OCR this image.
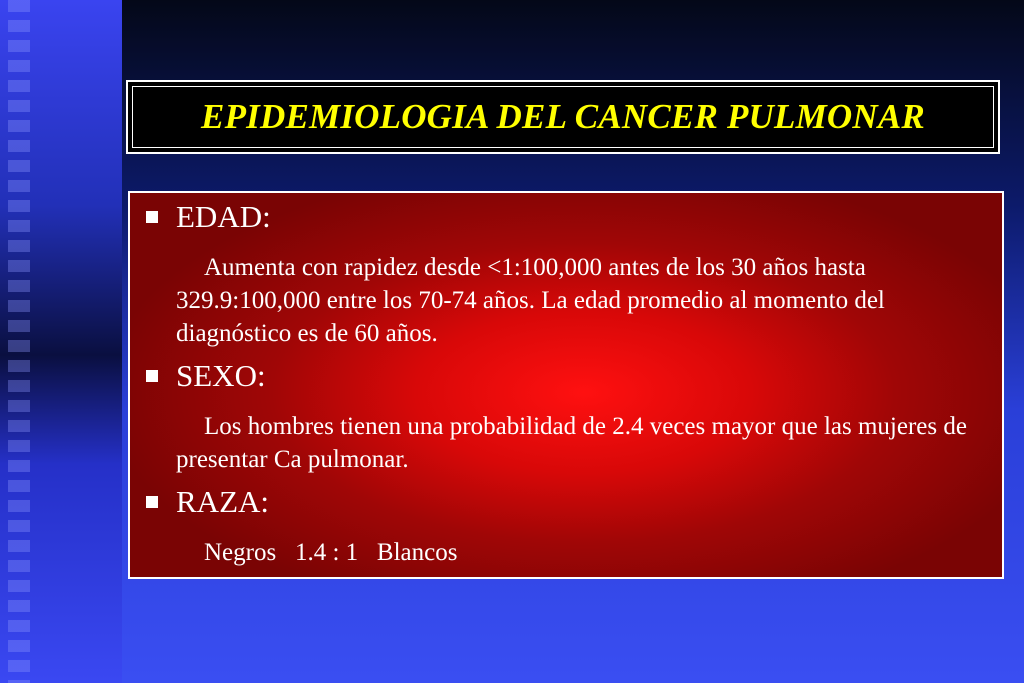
EPIDEMIOLOGIA DEL CANCER PULMONAR
EDAD:
Aumenta con rapidez desde <1:100,000 antes de los 30 años hasta 329.9:100,000 entre los 70-74 años. La edad promedio al momento del diagnóstico es de 60 años.
SEXO:
Los hombres tienen una probabilidad de 2.4 veces mayor que las mujeres de presentar Ca pulmonar.
RAZA:
Negros   1.4 : 1   Blancos
